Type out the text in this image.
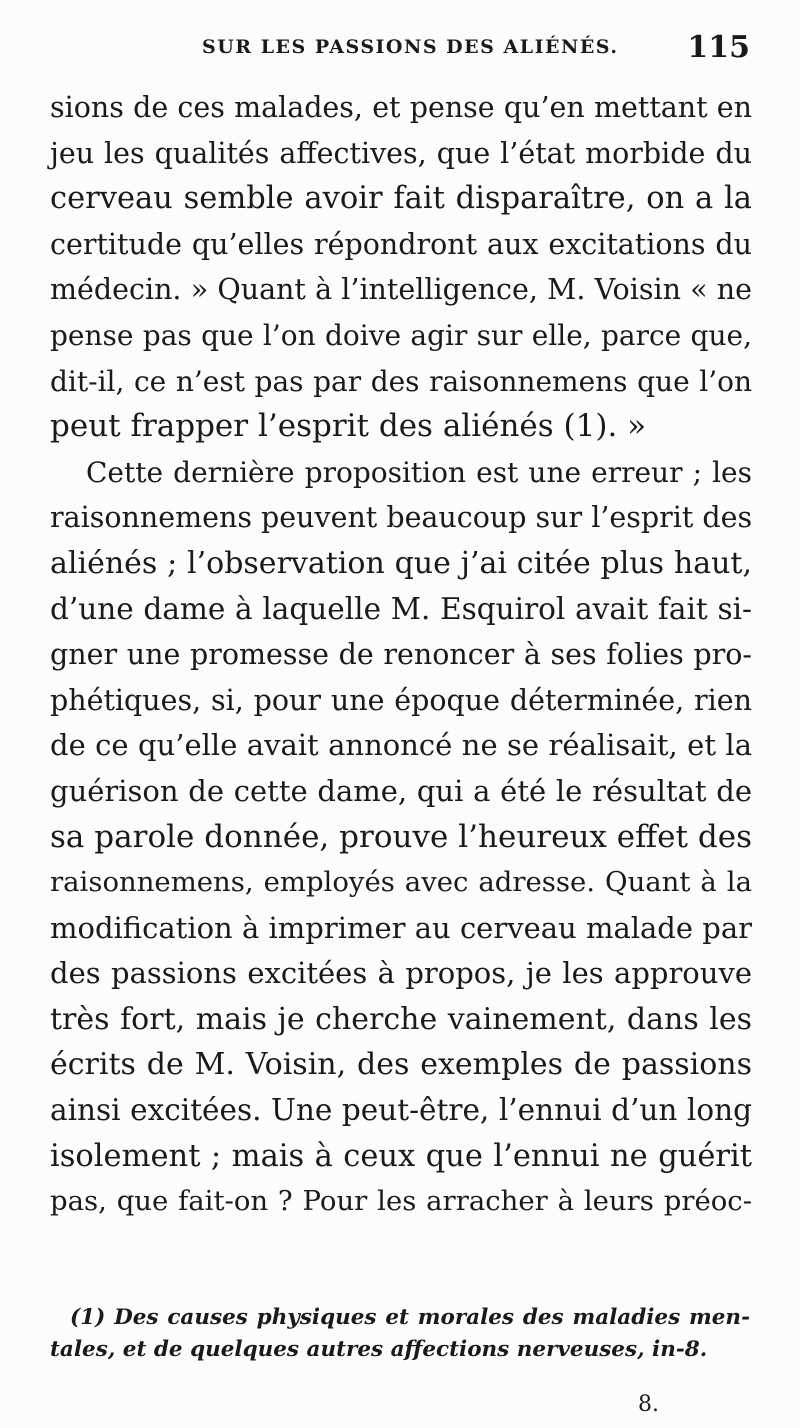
SUR LES PASSIONS DES ALIÉNÉS. 115
sions de ces malades, et pense qu’en mettant en
jeu les qualités affectives, que l’état morbide du
cerveau semble avoir fait disparaître, on a la
certitude qu’elles répondront aux excitations du
médecin. » Quant à l’intelligence, M. Voisin « ne
pense pas que l’on doive agir sur elle, parce que,
dit-il, ce n’est pas par des raisonnemens que l’on
peut frapper l’esprit des aliénés (1). »
Cette dernière proposition est une erreur ; les
raisonnemens peuvent beaucoup sur l’esprit des
aliénés ; l’observation que j’ai citée plus haut,
d’une dame à laquelle M. Esquirol avait fait si-
gner une promesse de renoncer à ses folies pro-
phétiques, si, pour une époque déterminée, rien
de ce qu’elle avait annoncé ne se réalisait, et la
guérison de cette dame, qui a été le résultat de
sa parole donnée, prouve l’heureux effet des
raisonnemens, employés avec adresse. Quant à la
modification à imprimer au cerveau malade par
des passions excitées à propos, je les approuve
très fort, mais je cherche vainement, dans les
écrits de M. Voisin, des exemples de passions
ainsi excitées. Une peut-être, l’ennui d’un long
isolement ; mais à ceux que l’ennui ne guérit
pas, que fait-on ? Pour les arracher à leurs préoc-
(1) Des causes physiques et morales des maladies men-
tales, et de quelques autres affections nerveuses, in-8.
8.
